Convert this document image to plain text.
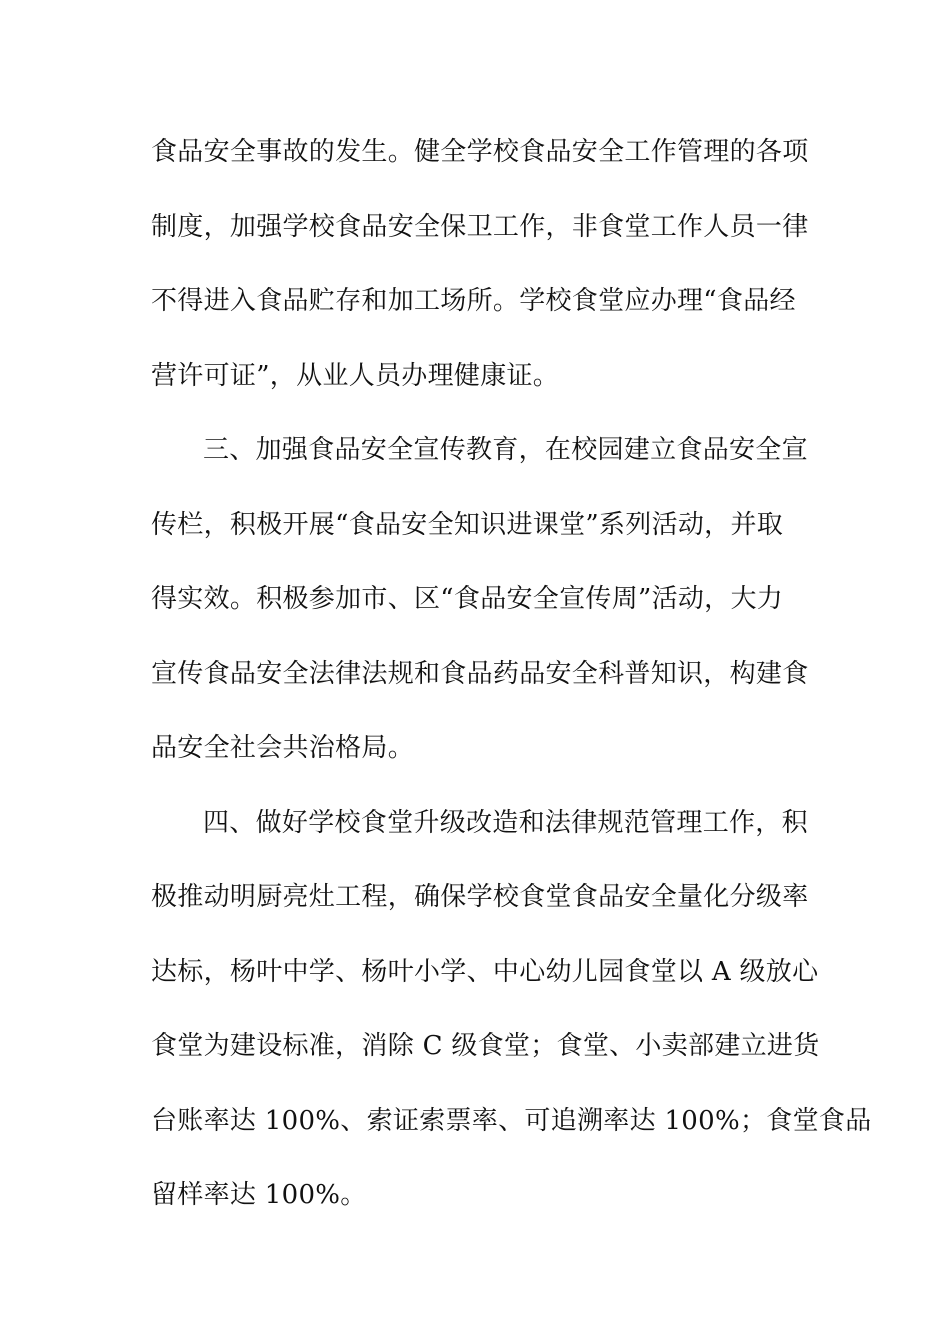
食品安全事故的发生。健全学校食品安全工作管理的各项
制度，加强学校食品安全保卫工作，非食堂工作人员一律
不得进入食品贮存和加工场所。学校食堂应办理“食品经
营许可证”，从业人员办理健康证。
三、加强食品安全宣传教育，在校园建立食品安全宣
传栏，积极开展“食品安全知识进课堂”系列活动，并取
得实效。积极参加市、区“食品安全宣传周”活动，大力
宣传食品安全法律法规和食品药品安全科普知识，构建食
品安全社会共治格局。
四、做好学校食堂升级改造和法律规范管理工作，积
极推动明厨亮灶工程，确保学校食堂食品安全量化分级率
达标，杨叶中学、杨叶小学、中心幼儿园食堂以 A 级放心
食堂为建设标准，消除 C 级食堂；食堂、小卖部建立进货
台账率达 100%、索证索票率、可追溯率达 100%；食堂食品
留样率达 100%。
